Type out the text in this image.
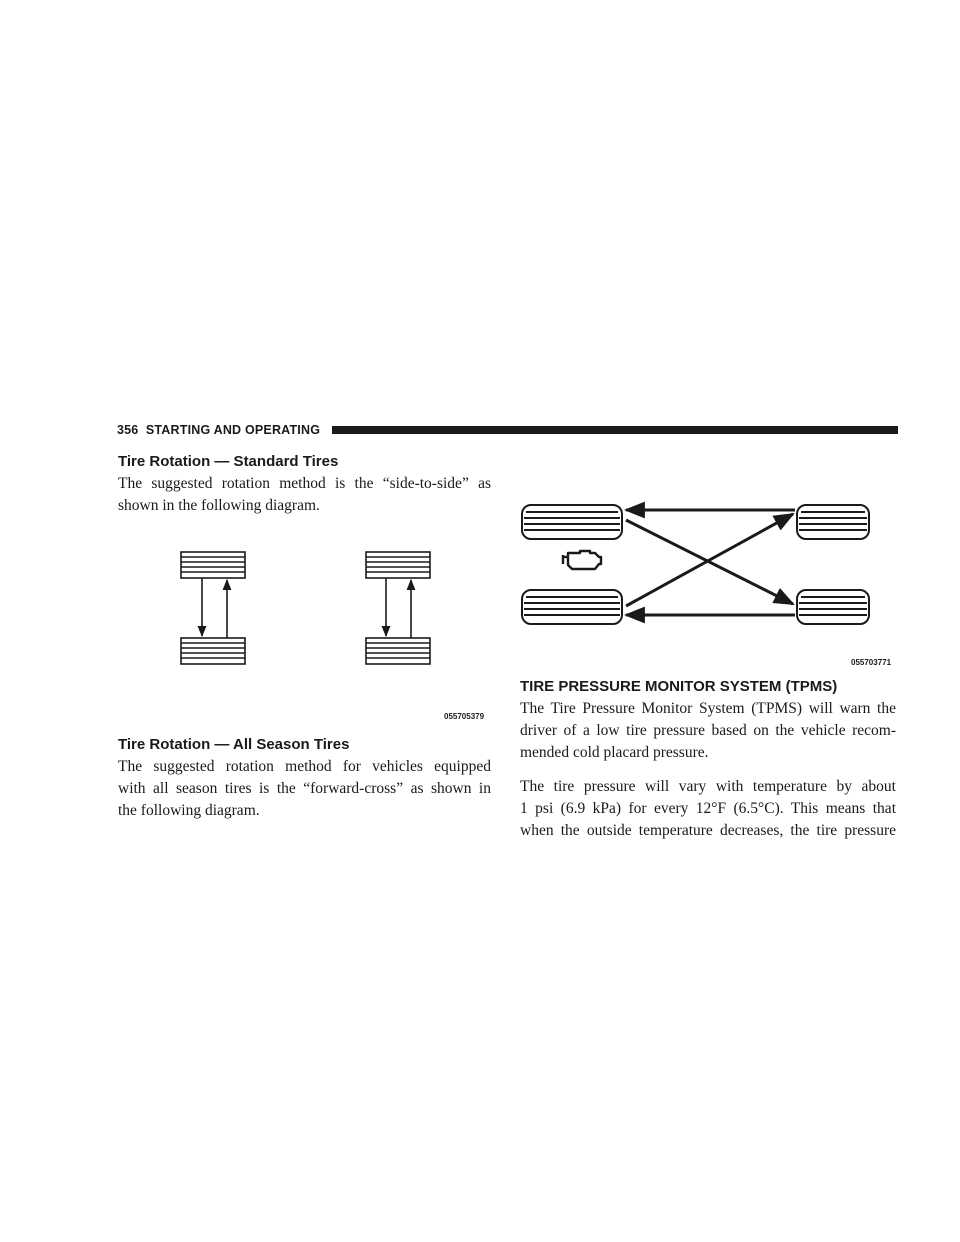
356 STARTING AND OPERATING
Tire Rotation — Standard Tires

The suggested rotation method is the “side-to-side” as
shown in the following diagram.

055705379
Tire Rotation — All Season Tires

The suggested rotation method for vehicles equipped
with all season tires is the “forward-cross” as shown in
the following diagram.

055703771
TIRE PRESSURE MONITOR SYSTEM (TPMS)

The Tire Pressure Monitor System (TPMS) will warn the
driver of a low tire pressure based on the vehicle recom-
mended cold placard pressure.

The tire pressure will vary with temperature by about
1 psi (6.9 kPa) for every 12°F (6.5°C). This means that
when the outside temperature decreases, the tire pressure
